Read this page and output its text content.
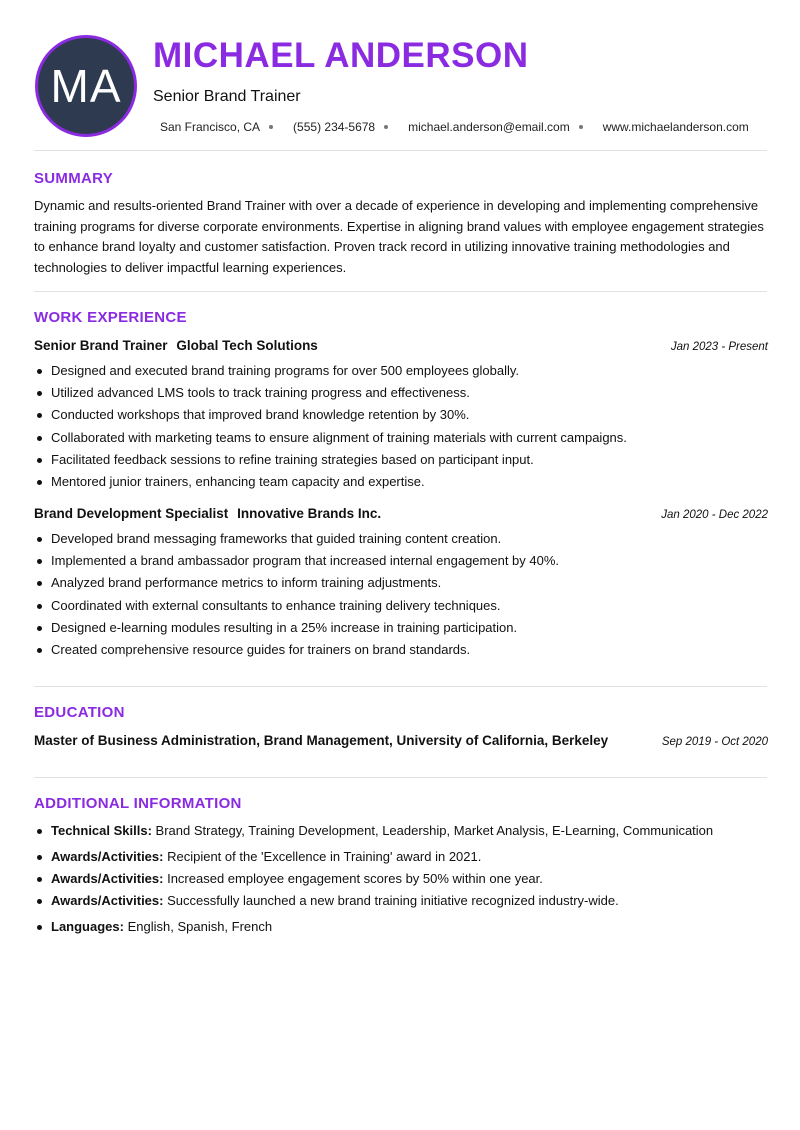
MA
MICHAEL ANDERSON
Senior Brand Trainer
San Francisco, CA	(555) 234-5678	michael.anderson@email.com	www.michaelanderson.com
SUMMARY

Dynamic and results-oriented Brand Trainer with over a decade of experience in developing and implementing comprehensive training programs for diverse corporate environments. Expertise in aligning brand values with employee engagement strategies to enhance brand loyalty and customer satisfaction. Proven track record in utilizing innovative training methodologies and technologies to deliver impactful learning experiences.

WORK EXPERIENCE
Senior Brand Trainer Global Tech Solutions	Jan 2023 - Present
Designed and executed brand training programs for over 500 employees globally.
Utilized advanced LMS tools to track training progress and effectiveness.
Conducted workshops that improved brand knowledge retention by 30%.
Collaborated with marketing teams to ensure alignment of training materials with current campaigns.
Facilitated feedback sessions to refine training strategies based on participant input.
Mentored junior trainers, enhancing team capacity and expertise.
Brand Development Specialist Innovative Brands Inc.	Jan 2020 - Dec 2022
Developed brand messaging frameworks that guided training content creation.
Implemented a brand ambassador program that increased internal engagement by 40%.
Analyzed brand performance metrics to inform training adjustments.
Coordinated with external consultants to enhance training delivery techniques.
Designed e-learning modules resulting in a 25% increase in training participation.
Created comprehensive resource guides for trainers on brand standards.
EDUCATION
Master of Business Administration, Brand Management, University of California, Berkeley	Sep 2019 - Oct 2020
ADDITIONAL INFORMATION
Technical Skills: Brand Strategy, Training Development, Leadership, Market Analysis, E-Learning, Communication
Awards/Activities: Recipient of the 'Excellence in Training' award in 2021.
Awards/Activities: Increased employee engagement scores by 50% within one year.
Awards/Activities: Successfully launched a new brand training initiative recognized industry-wide.
Languages: English, Spanish, French
